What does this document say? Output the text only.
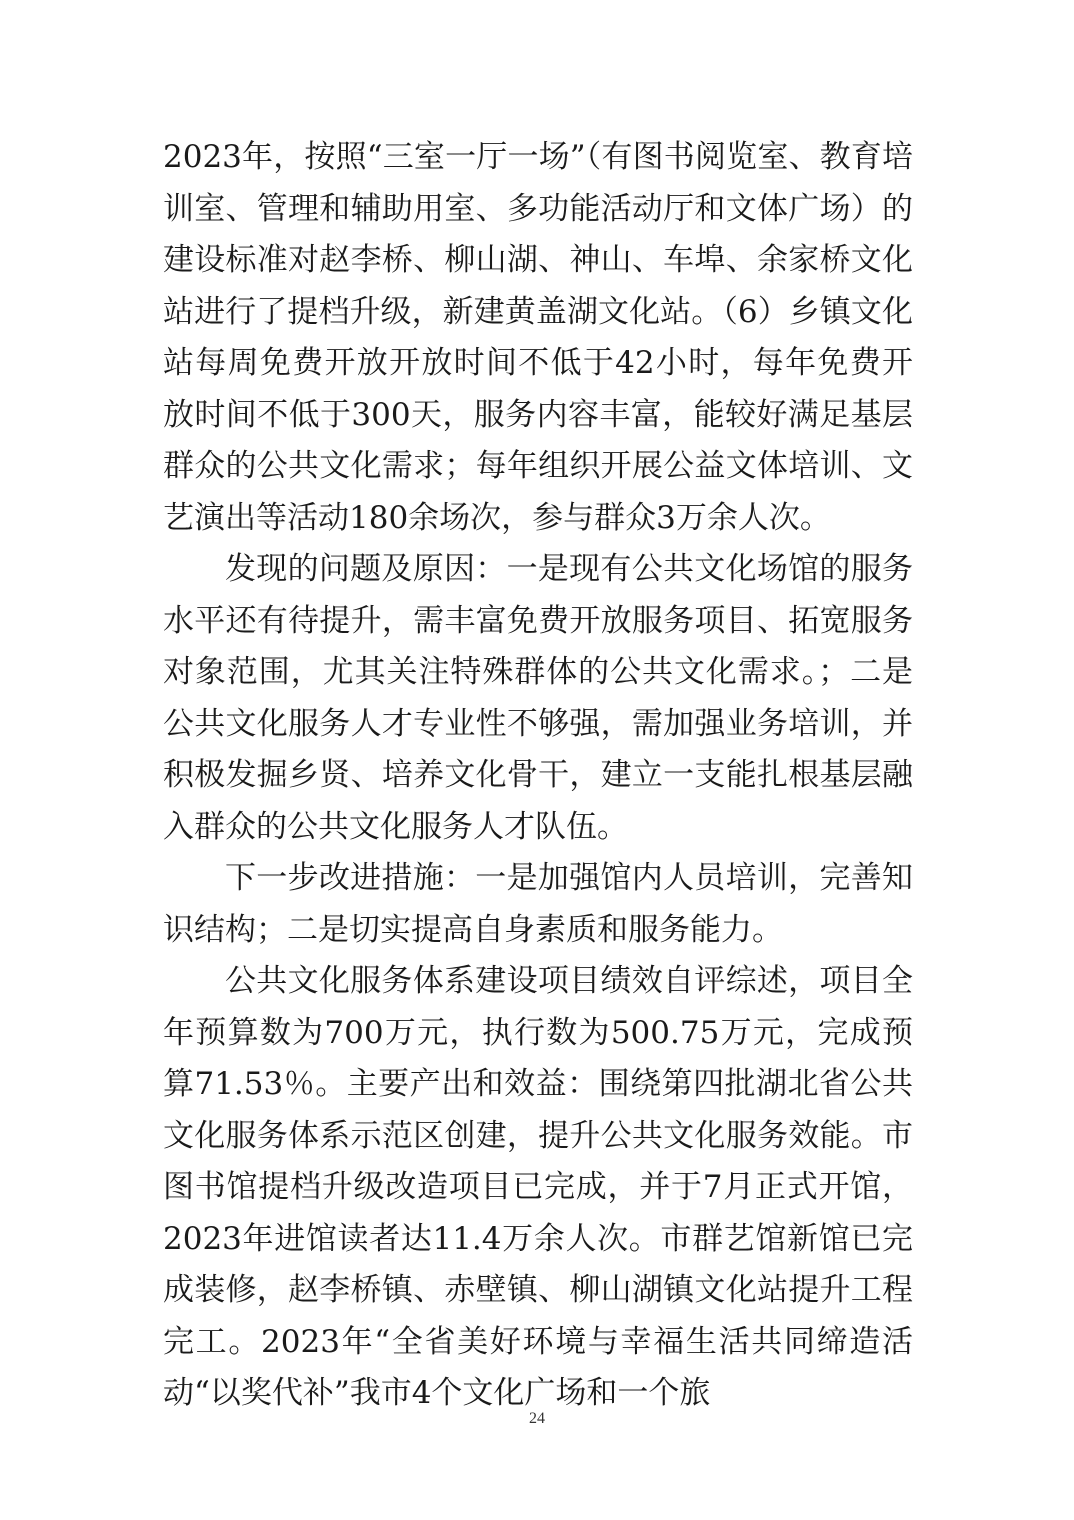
2023年，按照“三室一厅一场”（有图书阅览室、教育培训室、管理和辅助用室、多功能活动厅和文体广场）的建设标准对赵李桥、柳山湖、神山、车埠、余家桥文化站进行了提档升级，新建黄盖湖文化站。（6）乡镇文化站每周免费开放开放时间不低于42小时，每年免费开放时间不低于300天，服务内容丰富，能较好满足基层群众的公共文化需求；每年组织开展公益文体培训、文艺演出等活动180余场次，参与群众3万余人次。

发现的问题及原因：一是现有公共文化场馆的服务水平还有待提升，需丰富免费开放服务项目、拓宽服务对象范围，尤其关注特殊群体的公共文化需求。；二是公共文化服务人才专业性不够强，需加强业务培训，并积极发掘乡贤、培养文化骨干，建立一支能扎根基层融入群众的公共文化服务人才队伍。

下一步改进措施：一是加强馆内人员培训，完善知识结构；二是切实提高自身素质和服务能力。

公共文化服务体系建设项目绩效自评综述，项目全年预算数为700万元，执行数为500.75万元，完成预算71.53％。主要产出和效益：围绕第四批湖北省公共文化服务体系示范区创建，提升公共文化服务效能。市图书馆提档升级改造项目已完成，并于7月正式开馆，2023年进馆读者达11.4万余人次。市群艺馆新馆已完成装修，赵李桥镇、赤壁镇、柳山湖镇文化站提升工程完工。2023年“全省美好环境与幸福生活共同缔造活动“以奖代补”我市4个文化广场和一个旅

24
